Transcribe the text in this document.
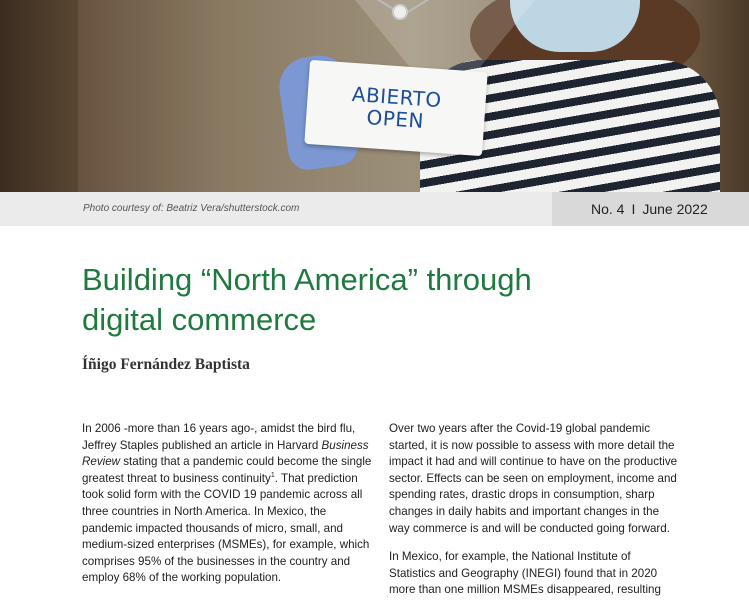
ABIERTO
OPEN
Photo courtesy of: Beatriz Vera/shutterstock.com	No. 4 I June 2022
Building “North America” through
digital commerce
Íñigo Fernández Baptista

In 2006 -more than 16 years ago-, amidst the bird flu, Jeffrey Staples published an article in Harvard Business Review stating that a pandemic could become the single greatest threat to business continuity$^1$. That prediction took solid form with the COVID 19 pandemic across all three countries in North America. In Mexico, the pandemic impacted thousands of micro, small, and medium-sized enterprises (MSMEs), for example, which comprises 95% of the businesses in the country and employ 68% of the working population.

Over two years after the Covid-19 global pandemic started, it is now possible to assess with more detail the impact it had and will continue to have on the productive sector. Effects can be seen on employment, income and spending rates, drastic drops in consumption, sharp changes in daily habits and important changes in the way commerce is and will be conducted going forward.

In Mexico, for example, the National Institute of Statistics and Geography (INEGI) found that in 2020 more than one million MSMEs disappeared, resulting
